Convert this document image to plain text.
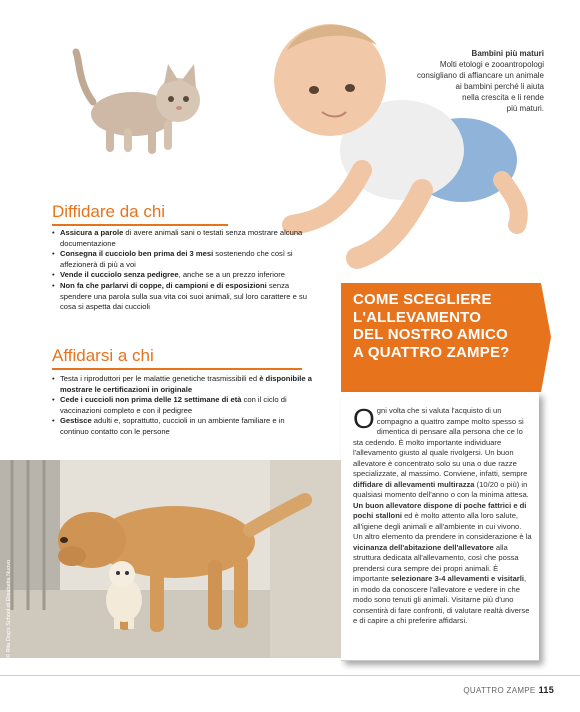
Bambini più maturi
Molti etologi e zooantropologi
consigliano di affiancare un animale
ai bambini perché li aiuta
nella crescita e li rende
più maturi.
Diffidare da chi
• Assicura a parole di avere animali sani o testati senza mostrare alcuna documentazione
• Consegna il cucciolo ben prima dei 3 mesi sostenendo che così si affezionerà di più a voi
• Vende il cucciolo senza pedigree, anche se a un prezzo inferiore
• Non fa che parlarvi di coppe, di campioni e di esposizioni senza spendere una parola sulla sua vita coi suoi animali, sul loro carattere e su cosa si aspetta dai cuccioli
Affidarsi a chi
• Testa i riproduttori per le malattie genetiche trasmissibili ed è disponibile a mostrare le certificazioni in originale
• Cede i cuccioli non prima delle 12 settimane di età con il ciclo di vaccinazioni completo e con il pedigree
• Gestisce adulti e, soprattutto, cuccioli in un ambiente familiare e in continuo contatto con le persone
COME SCEGLIERE
L'ALLEVAMENTO
DEL NOSTRO AMICO
A QUATTRO ZAMPE?
Ogni volta che si valuta l'acquisto di un compagno a quattro zampe molto spesso si dimentica di pensare alla persona che ce lo sta cedendo. È molto importante individuare l'allevamento giusto al quale rivolgersi. Un buon allevatore è concentrato solo su una o due razze specializzate, al massimo. Conviene, infatti, sempre diffidare di allevamenti multirazza (10/20 o più) in qualsiasi momento dell'anno o con la minima attesa. Un buon allevatore dispone di poche fattrici e di pochi stalloni ed è molto attento alla loro salute, all'igiene degli animali e all'ambiente in cui vivono. Un altro elemento da prendere in considerazione è la vicinanza dell'abitazione dell'allevatore alla struttura dedicata all'allevamento, così che possa prendersi cura sempre dei propri animali. È importante selezionare 3-4 allevamenti e visitarli, in modo da conoscere l'allevatore e vedere in che modo sono tenuti gli animali. Visitarne più d'uno consentirà di fare confronti, di valutare realtà diverse e di capire a chi preferire affidarsi.
© Rita Dog's School di Elisabetta Nuovo
QUATTRO ZAMPE 115
